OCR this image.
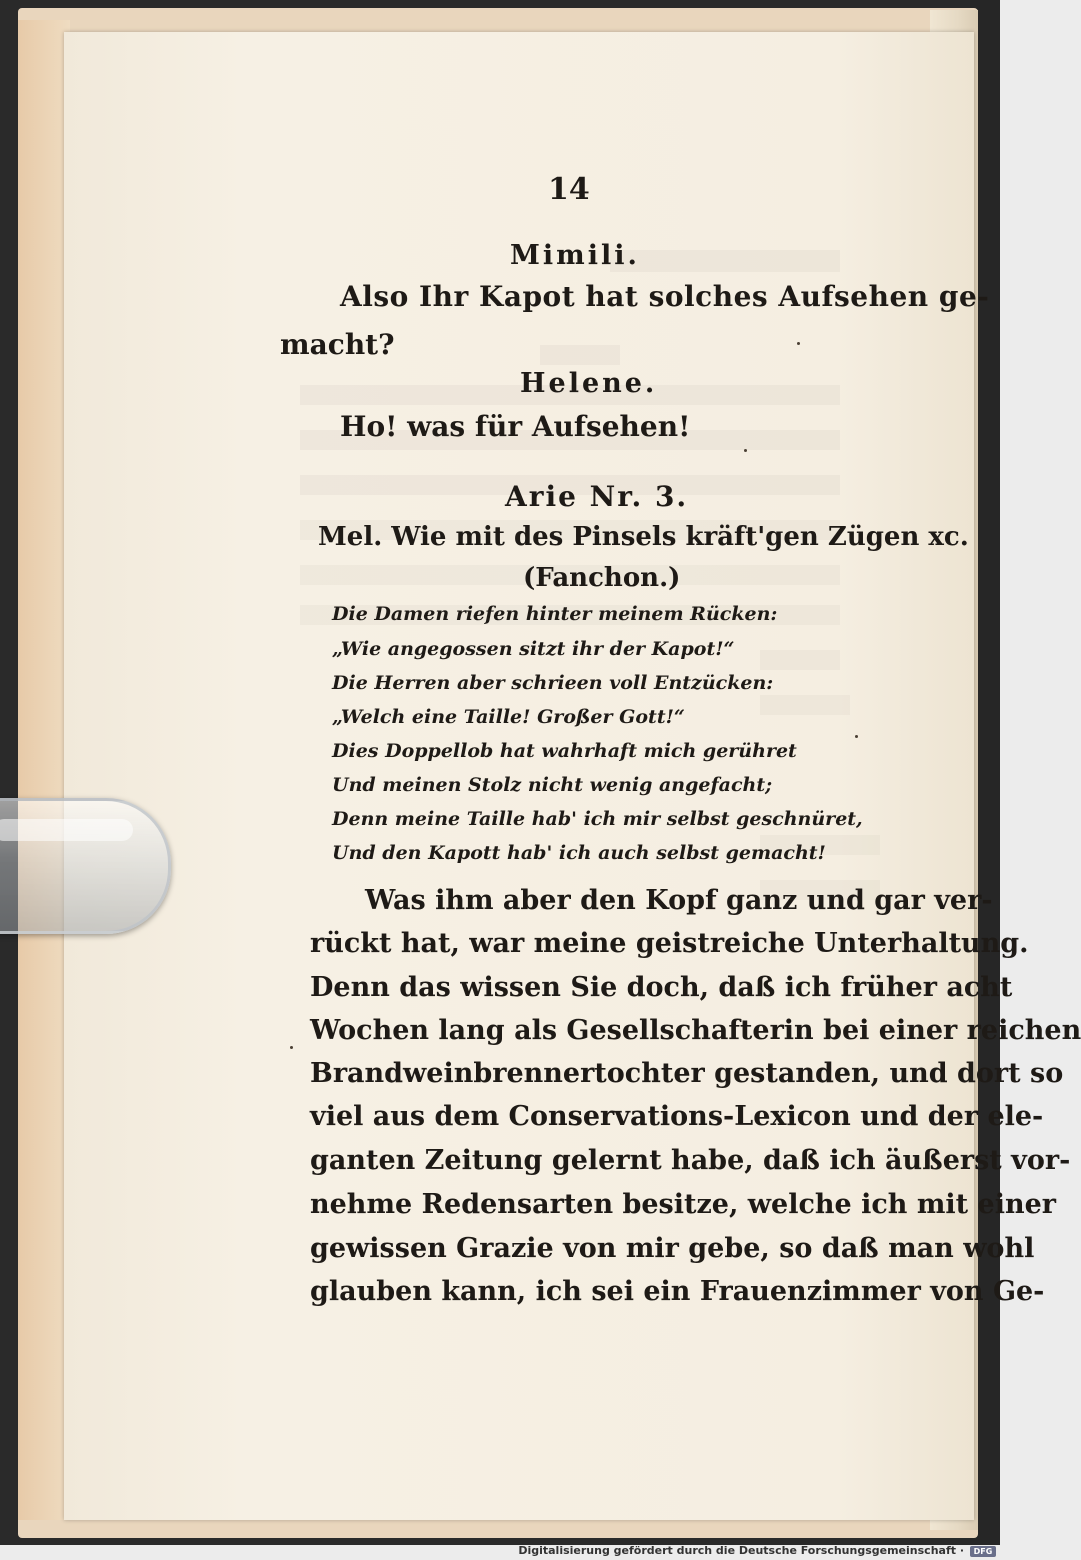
14
Mimili.
Also Ihr Kapot hat solches Aufsehen ge-
macht?
Helene.
Ho! was für Aufsehen!
Arie Nr. 3.
Mel. Wie mit des Pinsels kräft'gen Zügen xc.
(Fanchon.)
Die Damen riefen hinter meinem Rücken:
„Wie angegossen sitzt ihr der Kapot!“
Die Herren aber schrieen voll Entzücken:
„Welch eine Taille! Großer Gott!“
Dies Doppellob hat wahrhaft mich gerühret
Und meinen Stolz nicht wenig angefacht;
Denn meine Taille hab' ich mir selbst geschnüret,
Und den Kapott hab' ich auch selbst gemacht!
Was ihm aber den Kopf ganz und gar ver-
rückt hat, war meine geistreiche Unterhaltung.
Denn das wissen Sie doch, daß ich früher acht
Wochen lang als Gesellschafterin bei einer reichen
Brandweinbrennertochter gestanden, und dort so
viel aus dem Conservations-Lexicon und der ele-
ganten Zeitung gelernt habe, daß ich äußerst vor-
nehme Redensarten besitze, welche ich mit einer
gewissen Grazie von mir gebe, so daß man wohl
glauben kann, ich sei ein Frauenzimmer von Ge-
Digitalisierung gefördert durch die Deutsche Forschungsgemeinschaft ·	DFG
